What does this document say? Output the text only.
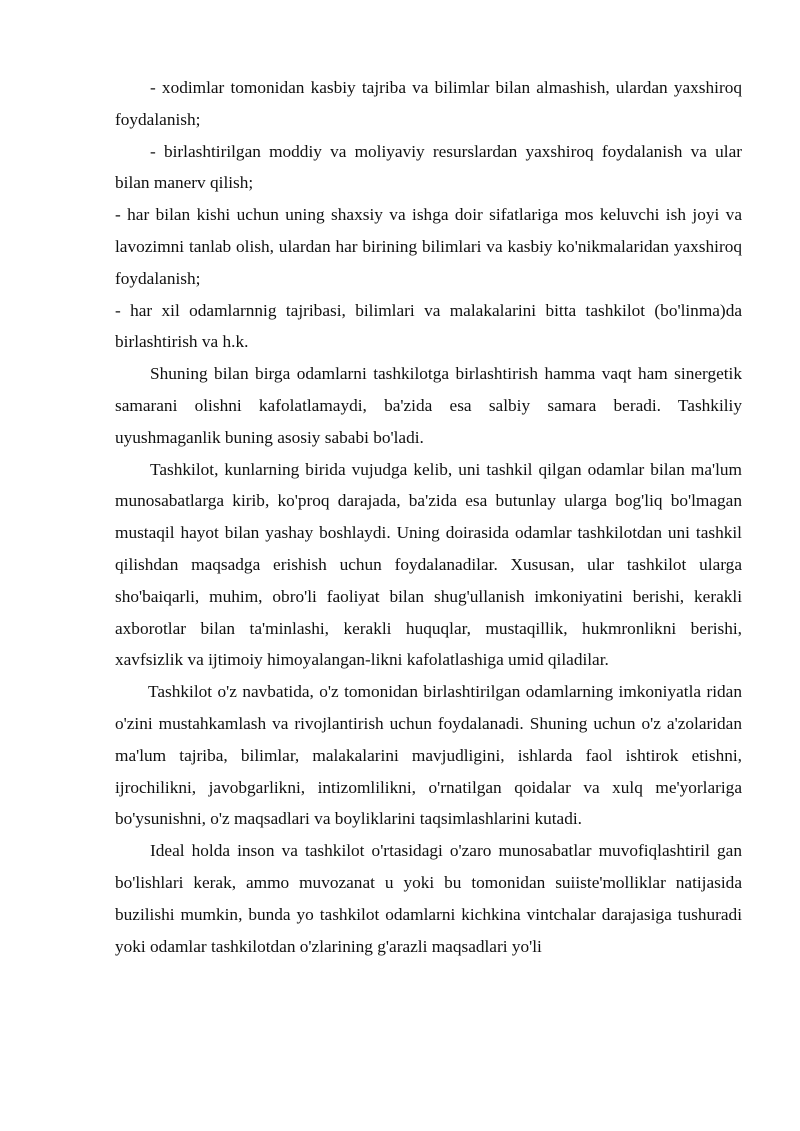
- xodimlar tomonidan kasbiy tajriba va bilimlar bilan almashish, ulardan yaxshiroq foydalanish;

- birlashtirilgan moddiy va moliyaviy resurslardan yaxshiroq foydalanish va ular bilan manerv qilish;

- har bilan kishi uchun uning shaxsiy va ishga doir sifatlariga mos keluvchi ish joyi va lavozimni tanlab olish, ulardan har birining bilimlari va kasbiy ko'nikmalaridan yaxshiroq foydalanish;

- har xil odamlarnnig tajribasi, bilimlari va malakalarini bitta tashkilot (bo'linma)da birlashtirish va h.k.

Shuning bilan birga odamlarni tashkilotga birlashtirish hamma vaqt ham sinergetik samarani olishni kafolatlamaydi, ba'zida esa salbiy samara beradi. Tashkiliy uyushmaganlik buning asosiy sababi bo'ladi.

Tashkilot, kunlarning birida vujudga kelib, uni tashkil qilgan odamlar bilan ma'lum munosabatlarga kirib, ko'proq darajada, ba'zida esa butunlay ularga bog'liq bo'lmagan mustaqil hayot bilan yashay boshlaydi. Uning doirasida odamlar tashkilotdan uni tashkil qilishdan maqsadga erishish uchun foydalanadilar. Xususan, ular tashkilot ularga sho'baiqarli, muhim, obro'li faoliyat bilan shug'ullanish imkoniyatini berishi, kerakli axborotlar bilan ta'minlashi, kerakli huquqlar, mustaqillik, hukmronlikni berishi, xavfsizlik va ijtimoiy himoyalangan-likni kafolatlashiga umid qiladilar.

Tashkilot o'z navbatida, o'z tomonidan birlashtirilgan odamlarning imkoniyatla ridan o'zini mustahkamlash va rivojlantirish uchun foydalanadi. Shuning uchun o'z a'zolaridan ma'lum tajriba, bilimlar, malakalarini mavjudligini, ishlarda faol ishtirok etishni, ijrochilikni, javobgarlikni, intizomlilikni, o'rnatilgan qoidalar va xulq me'yorlariga bo'ysunishni, o'z maqsadlari va boyliklarini taqsimlashlarini kutadi.

Ideal holda inson va tashkilot o'rtasidagi o'zaro munosabatlar muvofiqlashtiril gan bo'lishlari kerak, ammo muvozanat u yoki bu tomonidan suiiste'molliklar natijasida buzilishi mumkin, bunda yo tashkilot odamlarni kichkina vintchalar darajasiga tushuradi yoki odamlar tashkilotdan o'zlarining g'arazli maqsadlari yo'li
